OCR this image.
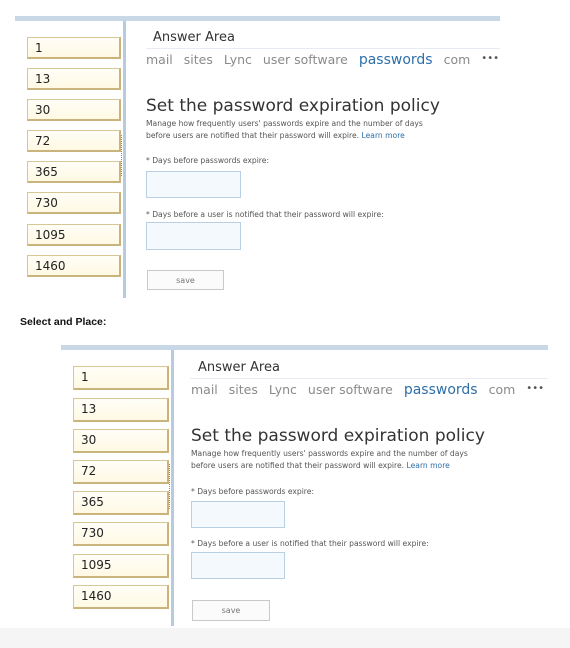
1
13
30
72
365
730
1095
1460
Answer Area
mail sites Lync user software passwords com •••
Set the password expiration policy
Manage how frequently users' passwords expire and the number of days
before users are notified that their password will expire. Learn more
* Days before passwords expire:
* Days before a user is notified that their password will expire:
save
Select and Place:
1
13
30
72
365
730
1095
1460
Answer Area
mail sites Lync user software passwords com •••
Set the password expiration policy
Manage how frequently users' passwords expire and the number of days
before users are notified that their password will expire. Learn more
* Days before passwords expire:
* Days before a user is notified that their password will expire:
save
